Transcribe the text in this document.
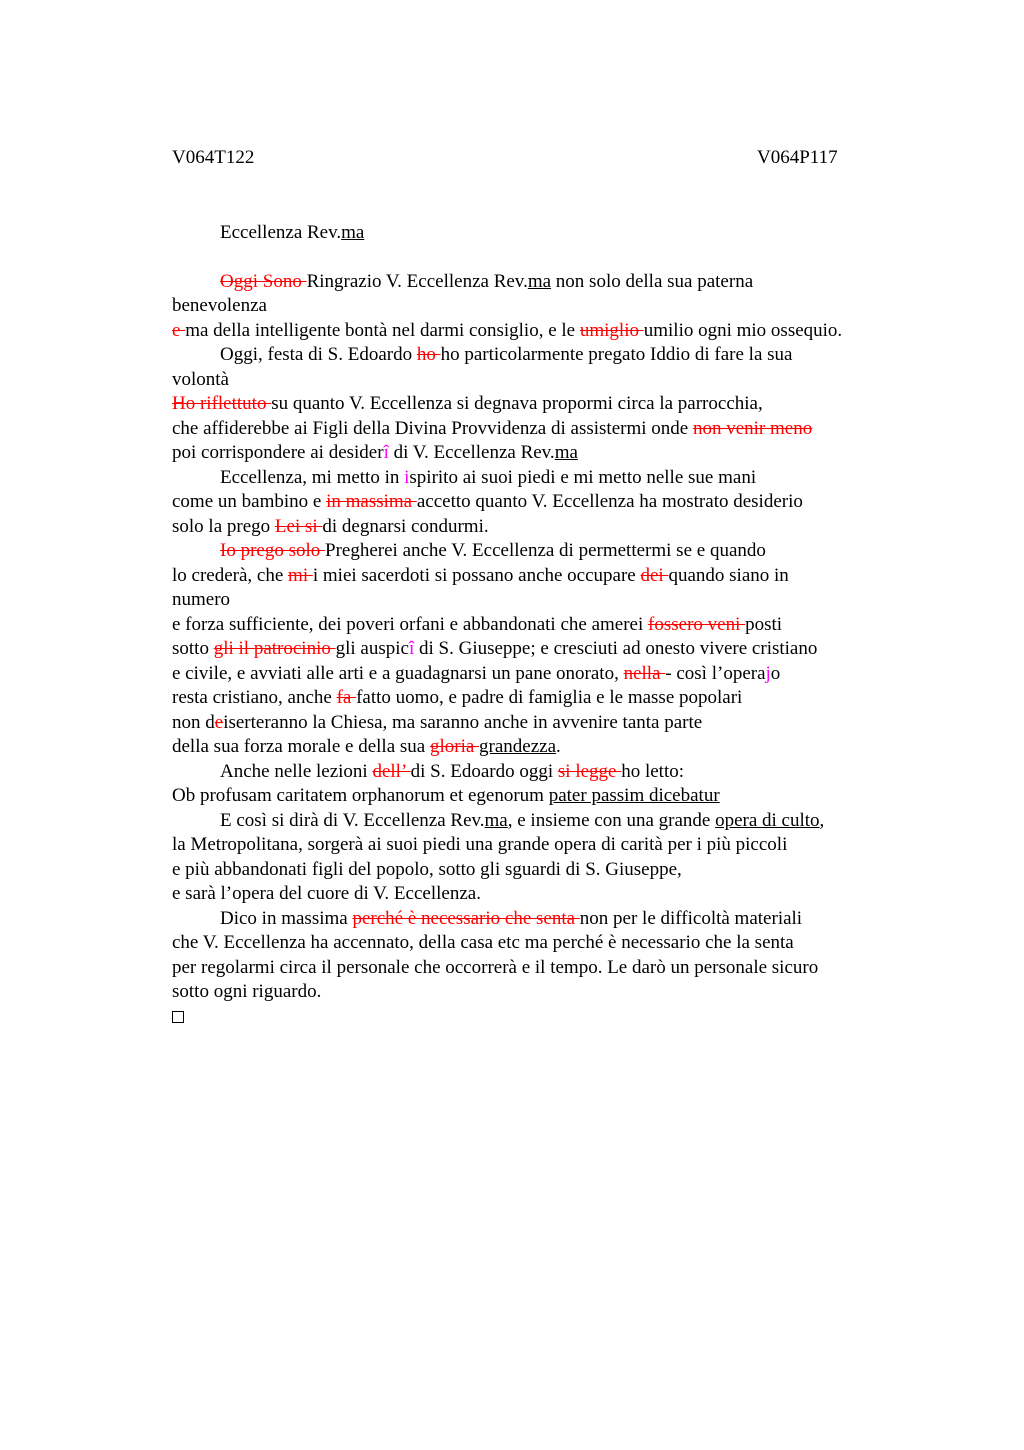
V064T122	V064P117
Eccellenza Rev.ma
Oggi Sono Ringrazio V. Eccellenza Rev.ma non solo della sua paterna
benevolenza
e ma della intelligente bontà nel darmi consiglio, e le umiglio umilio ogni mio ossequio.
Oggi, festa di S. Edoardo ho ho particolarmente pregato Iddio di fare la sua
volontà
Ho riflettuto su quanto V. Eccellenza si degnava propormi circa la parrocchia,
che affiderebbe ai Figli della Divina Provvidenza di assistermi onde non venir meno
poi corrispondere ai desiderî di V. Eccellenza Rev.ma
Eccellenza, mi metto in ispirito ai suoi piedi e mi metto nelle sue mani
come un bambino e in massima accetto quanto V. Eccellenza ha mostrato desiderio
solo la prego Lei si di degnarsi condurmi.
Io prego solo Pregherei anche V. Eccellenza di permettermi se e quando
lo crederà, che mi i miei sacerdoti si possano anche occupare dei quando siano in
numero
e forza sufficiente, dei poveri orfani e abbandonati che amerei fossero veni posti
sotto gli il patrocinio gli auspicî di S. Giuseppe; e cresciuti ad onesto vivere cristiano
e civile, e avviati alle arti e a guadagnarsi un pane onorato, nella - così l’operajo
resta cristiano, anche fa fatto uomo, e padre di famiglia e le masse popolari
non deiserteranno la Chiesa, ma saranno anche in avvenire tanta parte
della sua forza morale e della sua gloria grandezza.
Anche nelle lezioni dell’ di S. Edoardo oggi si legge ho letto:
Ob profusam caritatem orphanorum et egenorum pater passim dicebatur
E così si dirà di V. Eccellenza Rev.ma, e insieme con una grande opera di culto,
la Metropolitana, sorgerà ai suoi piedi una grande opera di carità per i più piccoli
e più abbandonati figli del popolo, sotto gli sguardi di S. Giuseppe,
e sarà l’opera del cuore di V. Eccellenza.
Dico in massima perché è necessario che senta non per le difficoltà materiali
che V. Eccellenza ha accennato, della casa etc ma perché è necessario che la senta
per regolarmi circa il personale che occorrerà e il tempo. Le darò un personale sicuro
sotto ogni riguardo.
